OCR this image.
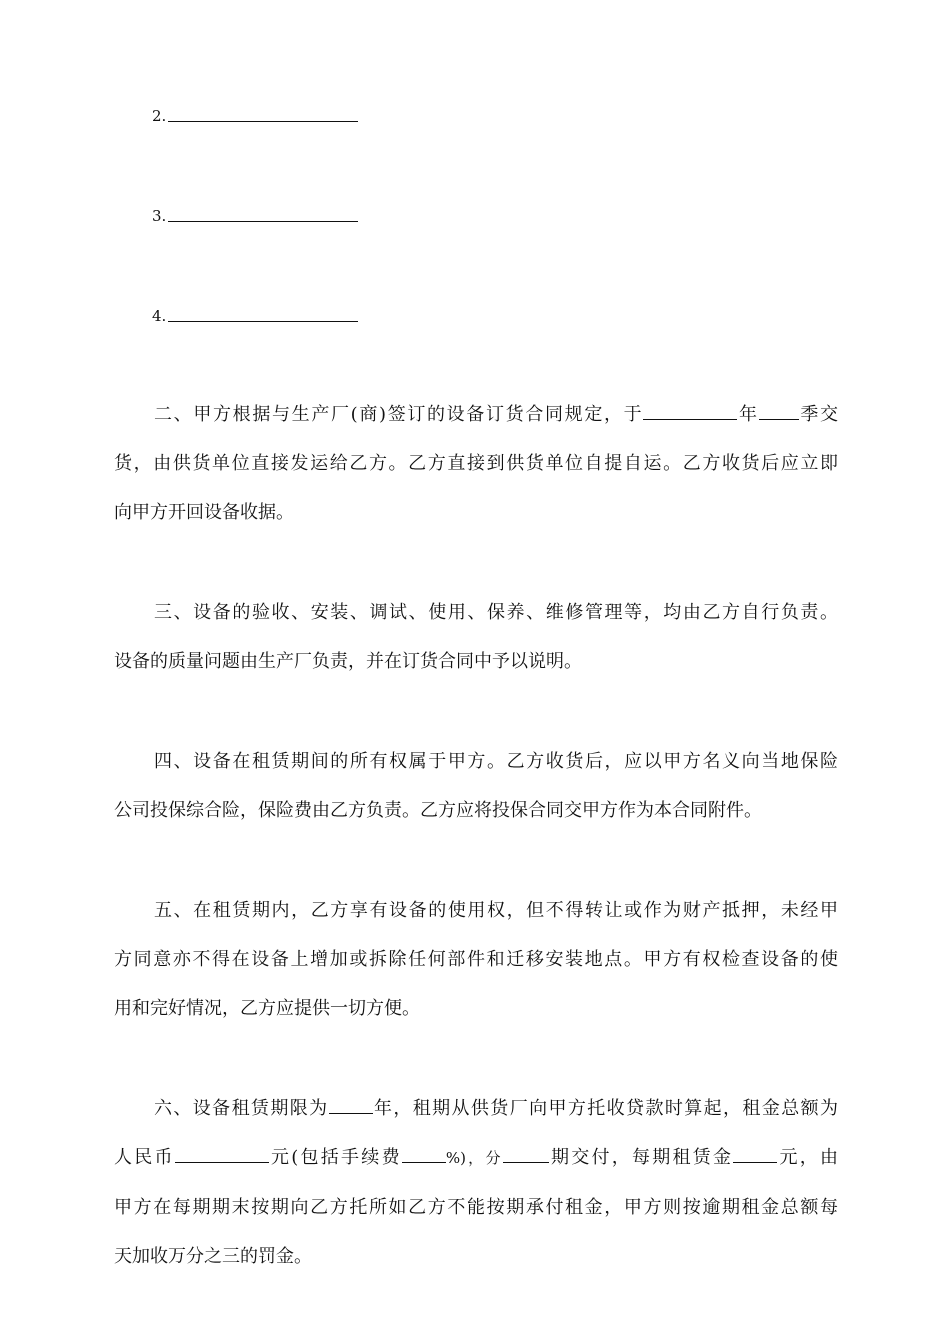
2.
3.
4.
二、甲方根据与生产厂(商)签订的设备订货合同规定，于	年 季交
货，由供货单位直接发运给乙方。乙方直接到供货单位自提自运。乙方收货后应立即
向甲方开回设备收据。
三、设备的验收、安装、调试、使用、保养、维修管理等，均由乙方自行负责。
设备的质量问题由生产厂负责，并在订货合同中予以说明。
四、设备在租赁期间的所有权属于甲方。乙方收货后，应以甲方名义向当地保险
公司投保综合险，保险费由乙方负责。乙方应将投保合同交甲方作为本合同附件。
五、在租赁期内，乙方享有设备的使用权，但不得转让或作为财产抵押，未经甲
方同意亦不得在设备上增加或拆除任何部件和迁移安装地点。甲方有权检查设备的使
用和完好情况，乙方应提供一切方便。
六、设备租赁期限为 年，租期从供货厂向甲方托收贷款时算起，租金总额为
人民币	元(包括手续费	%)，分	期交付，每期租赁金 元，由
甲方在每期期末按期向乙方托所如乙方不能按期承付租金，甲方则按逾期租金总额每
天加收万分之三的罚金。
